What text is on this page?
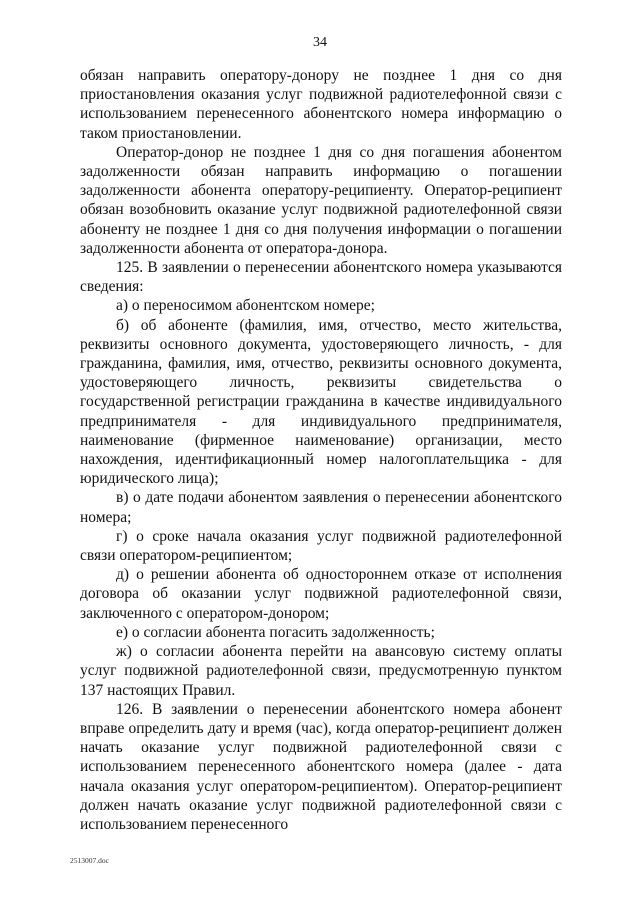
34

обязан направить оператору-донору не позднее 1 дня со дня приостановления оказания услуг подвижной радиотелефонной связи с использованием перенесенного абонентского номера информацию о таком приостановлении.

Оператор-донор не позднее 1 дня со дня погашения абонентом задолженности обязан направить информацию о погашении задолженности абонента оператору-реципиенту. Оператор-реципиент обязан возобновить оказание услуг подвижной радиотелефонной связи абоненту не позднее 1 дня со дня получения информации о погашении задолженности абонента от оператора-донора.

125. В заявлении о перенесении абонентского номера указываются сведения:

а) о переносимом абонентском номере;

б) об абоненте (фамилия, имя, отчество, место жительства, реквизиты основного документа, удостоверяющего личность, - для гражданина, фамилия, имя, отчество, реквизиты основного документа, удостоверяющего личность, реквизиты свидетельства о государственной регистрации гражданина в качестве индивидуального предпринимателя - для индивидуального предпринимателя, наименование (фирменное наименование) организации, место нахождения, идентификационный номер налогоплательщика - для юридического лица);

в) о дате подачи абонентом заявления о перенесении абонентского номера;

г) о сроке начала оказания услуг подвижной радиотелефонной связи оператором-реципиентом;

д) о решении абонента об одностороннем отказе от исполнения договора об оказании услуг подвижной радиотелефонной связи, заключенного с оператором-донором;

е) о согласии абонента погасить задолженность;

ж) о согласии абонента перейти на авансовую систему оплаты услуг подвижной радиотелефонной связи, предусмотренную пунктом 137 настоящих Правил.

126. В заявлении о перенесении абонентского номера абонент вправе определить дату и время (час), когда оператор-реципиент должен начать оказание услуг подвижной радиотелефонной связи с использованием перенесенного абонентского номера (далее - дата начала оказания услуг оператором-реципиентом). Оператор-реципиент должен начать оказание услуг подвижной радиотелефонной связи с использованием перенесенного

2513007.doc
